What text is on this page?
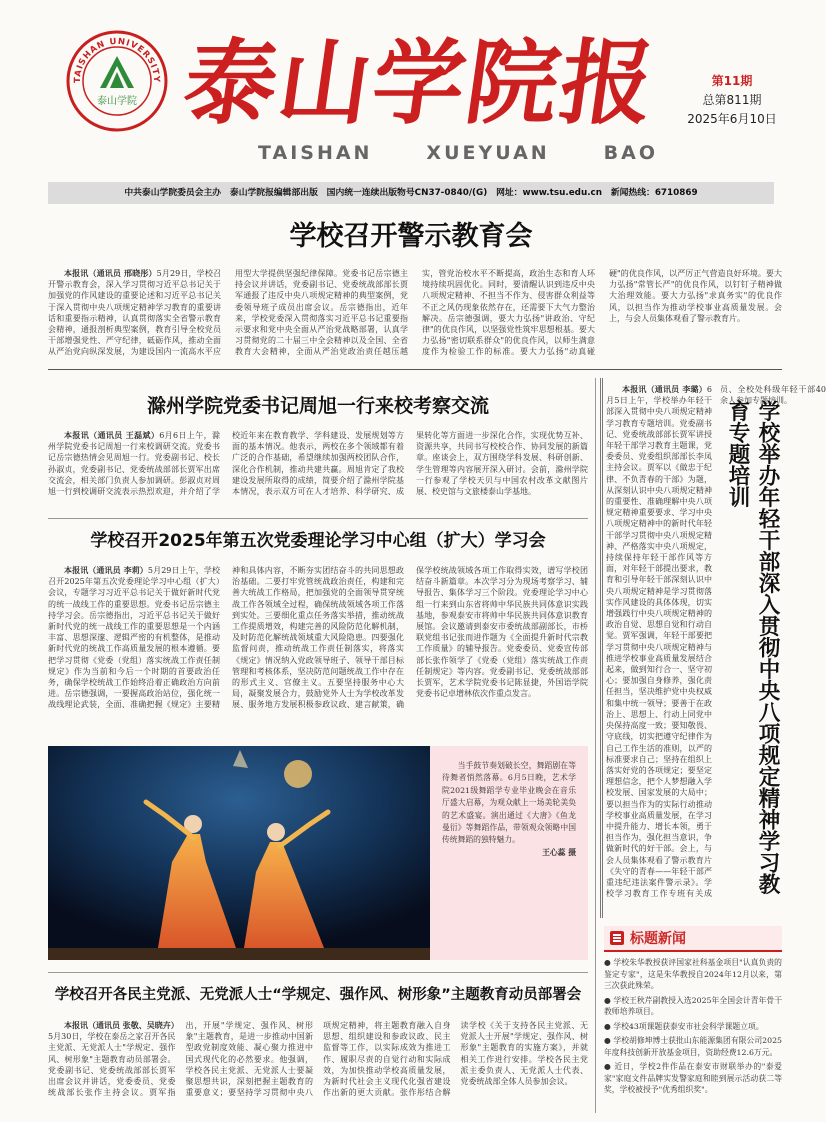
TAISHAN UNIVERSITY
泰山学院 泰山学院报
TAISHAN	XUEYUAN	BAO
第11期
总第811期
2025年6月10日
中共泰山学院委员会主办　泰山学院报编辑部出版　国内统一连续出版物号CN37-0840/(G)　网址：www.tsu.edu.cn　新闻热线：6710869
学校召开警示教育会

本报讯（通讯员 邢晓彤）5月29日，学校召开警示教育会，深入学习贯彻习近平总书记关于加强党的作风建设的重要论述和习近平总书记关于深入贯彻中央八项规定精神学习教育的重要讲话和重要指示精神，认真贯彻落实全省警示教育会精神，通报剖析典型案例，教育引导全校党员干部增强党性、严守纪律，砥砺作风，推动全面从严治党向纵深发展，为建设国内一流高水平应用型大学提供坚强纪律保障。党委书记岳宗德主持会议并讲话，党委副书记、党委统战部部长贾军通报了违反中央八项规定精神的典型案例，党委领导班子成员出席会议。岳宗德指出，近年来，学校党委深入贯彻落实习近平总书记重要指示要求和党中央全面从严治党战略部署，认真学习贯彻党的二十届三中全会精神以及全国、全省教育大会精神，全面从严治党政治责任越压越实，管党治校水平不断提高，政治生态和育人环境持续巩固优化。同时，要清醒认识到违反中央八项规定精神、不担当不作为、侵害群众利益等不正之风仍现象依然存在，还需要下大气力整治解决。岳宗德强调，要大力弘扬"讲政治、守纪律"的优良作风，以坚强党性筑牢思想根基。要大力弘扬"密切联系群众"的优良作风，以师生满意度作为检验工作的标准。要大力弘扬"动真碰硬"的优良作风，以严厉正气营造良好环境。要大力弘扬"常管长严"的优良作风，以钉钉子精神做大治理效能。要大力弘扬"求真务实"的优良作风，以担当作为推动学校事业高质量发展。会上，与会人员集体观看了警示教育片。

滁州学院党委书记周旭一行来校考察交流

本报讯（通讯员 王磊斌）6月6日上午，滁州学院党委书记周旭一行来校调研交流。党委书记岳宗德热情会见周旭一行。党委副书记、校长孙淑贞，党委副书记、党委统战部部长贾军出席交流会，相关部门负责人参加调研。彭淑贞对周旭一行到校调研交流表示热烈欢迎，并介绍了学校近年来在教育教学、学科建设、发展规划等方面的基本情况。他表示，两校在多个领域都有着广泛的合作基础，希望继续加强两校团队合作，深化合作机制，推动共建共赢。周旭肯定了我校建设发展所取得的成绩，简要介绍了滁州学院基本情况，表示双方可在人才培养、科学研究、成果转化等方面进一步深化合作，实现优势互补、资源共享，共同书写校校合作、协同发展的新篇章。座谈会上，双方围绕学科发展、科研创新、学生管理等内容展开深入研讨。会前，滁州学院一行参观了学校天贝与中国农村改革文献图片展、校史馆与文旅楼泰山学基地。

学校召开2025年第五次党委理论学习中心组（扩大）学习会

本报讯（通讯员 李莉）5月29日上午，学校召开2025年第五次党委理论学习中心组（扩大）会议，专题学习习近平总书记关于做好新时代党的统一战线工作的重要思想。党委书记岳宗德主持学习会。岳宗德指出，习近平总书记关于做好新时代党的统一战线工作的重要思想是一个内涵丰富、思想深邃、逻辑严密的有机整体，是推动新时代党的统战工作高质量发展的根本遵循。要把学习贯彻《党委（党组）落实统战工作责任制规定》作为当前和今后一个时期的首要政治任务，确保学校统战工作始终沿着正确政治方向前进。岳宗德强调，一要握高政治站位，强化统一战线理论武装，全面、准确把握《规定》主要精神和具体内容，不断夯实团结奋斗的共同思想政治基础。二要打牢党管统战政治责任，构建和完善大统战工作格局，把加强党的全面领导贯穿统战工作各领域全过程，确保统战领域各项工作落到实处。三要细化重点任务落实举措，推动统战工作提质增效，构建完善的风险防范化解机制，及时防范化解统战领域重大风险隐患。四要强化监督问责，推动统战工作责任制落实，将落实《规定》情况纳入党政领导班子、领导干部目标管理和考核体系，坚决防范问题统战工作中存在的形式主义、官僚主义。五要坚持服务中心大局，凝聚发展合力，鼓励党外人士为学校改革发展、服务地方发展积极参政议政、建言献策，确保学校统战领域各项工作取得实效，谱写学校团结奋斗新篇章。本次学习分为现场考察学习、辅导报告、集体学习三个阶段。党委理论学习中心组一行来到山东省将帅中华民族共同体意识实践基地，参观泰安市将帅中华民族共同体意识教育展馆。会议邀请到泰安市委统战部副部长，市桥联党组书记张而进作题为《全面提升新时代宗教工作质量》的辅导报告。党委委员、党委宣传部部长张作领学了《党委（党组）落实统战工作责任制规定》等内容。党委副书记、党委统战部部长贾军，艺术学院党委书记陈显捷，外国语学院党委书记卓增林依次作重点发言。

当手鼓节奏划破长空，舞蹈剧在等待舞者悄然落幕。6月5日晚，艺术学院2021级舞蹈学专业毕业晚会在音乐厅盛大启幕，为观众献上一场美轮美奂的艺术盛宴。演出通过《大唐》《鱼龙曼衍》等舞蹈作品，带领观众领略中国传统舞蹈的独特魅力。
王心蕊 摄
学校召开各民主党派、无党派人士“学规定、强作风、树形象”主题教育动员部署会

本报讯（通讯员 张敬、吴晓卉）5月30日，学校在泰岳之家召开各民主党派、无党派人士"学规定、强作风、树形象"主题教育动员部署会。党委副书记、党委统战部部长贾军出席会议并讲话，党委委员、党委统战部长张作主持会议。贾军指出，开展"学规定、强作风、树形象"主题教育，是进一步推动中国新型政党制度效能、凝心聚力推进中国式现代化的必然要求。他强调，学校各民主党派、无党派人士要凝聚思想共识，深刻把握主题教育的重要意义；要坚持学习贯彻中央八项规定精神，将主题教育融入自身思想、组织建设和参政议政、民主监督等工作，以实际成效为推进工作、履职尽责的自觉行动和实际成效，为加快推动学校高质量发展，为新时代社会主义现代化强省建设作出新的更大贡献。张作彤结合解读学校《关于支持各民主党派、无党派人士开展"学规定、强作风、树形象"主题教育的实施方案》，并就相关工作进行安排。学校各民主党派主委负责人、无党派人士代表、党委统战部全体人员参加会议。

本报讯（通讯员 李璐）6月5日上午，学校举办年轻干部深入贯彻中央八项规定精神学习教育专题培训。党委副书记、党委统战部部长贾军讲授年轻干部学习教育主题课，党委委员、党委组织部部长李凤主持会议。贾军以《做忠于纪律、不负青春的干部》为题，从深刻认识中央八项规定精神的重要性、准确理解中央八项规定精神重要要求、学习中央八项规定精神中的新时代年轻干部学习贯彻中央八项规定精神、严格落实中央八项规定，持续保持年轻干部作风等方面，对年轻干部提出要求，教育和引导年轻干部深刻认识中央八项规定精神是学习贯彻落实作风建设的具体体现，切实增强践行中央八项规定精神的政治自觉、思想自觉和行动自觉。贾军强调，年轻干部要把学习贯彻中央八项规定精神与推进学校事业高质量发展结合起来，做到知行合一、坚守初心；要加强自身修养，强化责任担当，坚决维护党中央权威和集中统一领导；要善于在政治上、思想上、行动上同党中央保持高度一致；要知敬畏、守底线，切实把遵守纪律作为自己工作生活的准则，以严的标准要求自己；坚持在组织上落实好党的各项规定；要坚定理想信念，把个人梦想融入学校发展、国家发展的大局中；要以担当作为的实际行动推动学校事业高质量发展，在学习中提升能力、增长本领，勇于担当作为，强化担当意识，争做新时代的好干部。会上，与会人员集体观看了警示教育片《失守的青春——年轻干部严重违纪违法案件警示录》。学校学习教育工作专班有关成员、全校处科级年轻干部40余人参加专题培训。

学校举办年轻干部深入贯彻中央八项规定精神学习教育专题培训
标题新闻
● 学校朱华教授获评国家社科基金项目"认真负责的鉴定专家"，这是朱华教授自2024年12月以来，第三次获此殊荣。
● 学校王秋芹副教授入选2025年全国会计青年骨干教师培养项目。
● 学校43项课题获泰安市社会科学课题立项。
● 学校胡修坤博士获批山东能源集团有限公司2025年度科技创新开放基金项目，资助经费12.6万元。
● 近日，学校2件作品在泰安市财联举办的"泰爱家"家庭文件品牌实发警家庭和睦到展示活动获二等奖，学校被授予"优秀组织奖"。
